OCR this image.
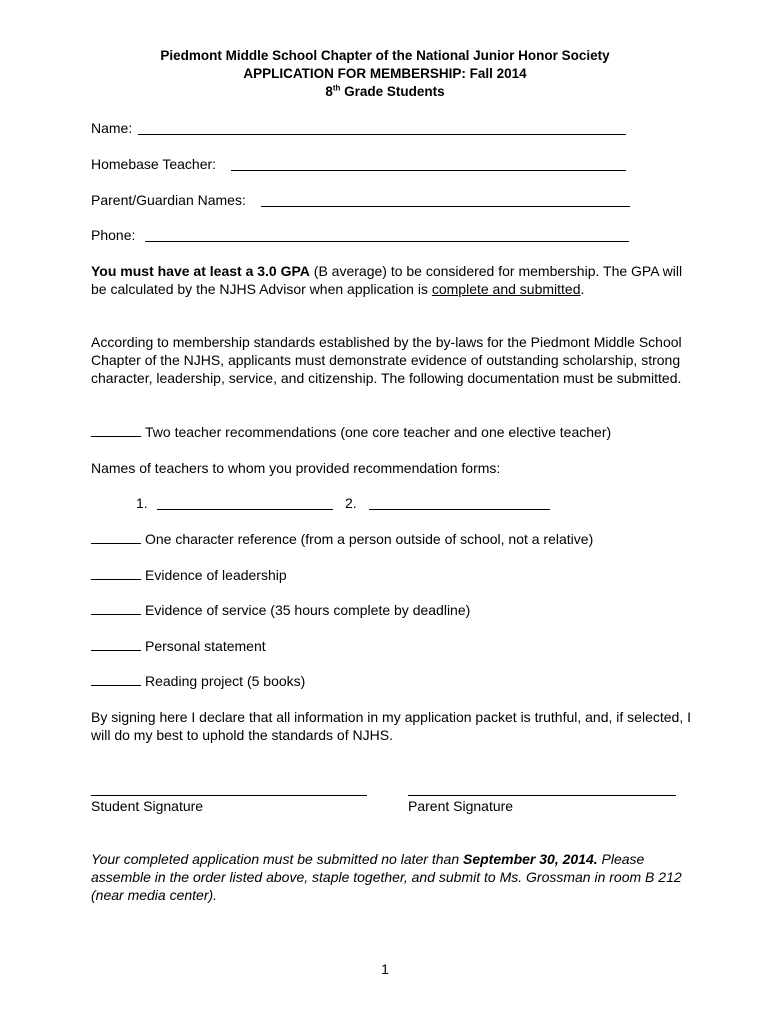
Piedmont Middle School Chapter of the National Junior Honor Society
APPLICATION FOR MEMBERSHIP: Fall 2014
8th Grade Students
Name:
Homebase Teacher:
Parent/Guardian Names:
Phone:
You must have at least a 3.0 GPA (B average) to be considered for membership. The GPA will be calculated by the NJHS Advisor when application is complete and submitted.
According to membership standards established by the by-laws for the Piedmont Middle School Chapter of the NJHS, applicants must demonstrate evidence of outstanding scholarship, strong character, leadership, service, and citizenship. The following documentation must be submitted.
Two teacher recommendations (one core teacher and one elective teacher)
Names of teachers to whom you provided recommendation forms:
1.	2.
One character reference (from a person outside of school, not a relative)
Evidence of leadership
Evidence of service (35 hours complete by deadline)
Personal statement
Reading project (5 books)
By signing here I declare that all information in my application packet is truthful, and, if selected, I will do my best to uphold the standards of NJHS.
Student Signature	Parent Signature
Your completed application must be submitted no later than September 30, 2014. Please assemble in the order listed above, staple together, and submit to Ms. Grossman in room B 212 (near media center).
1
